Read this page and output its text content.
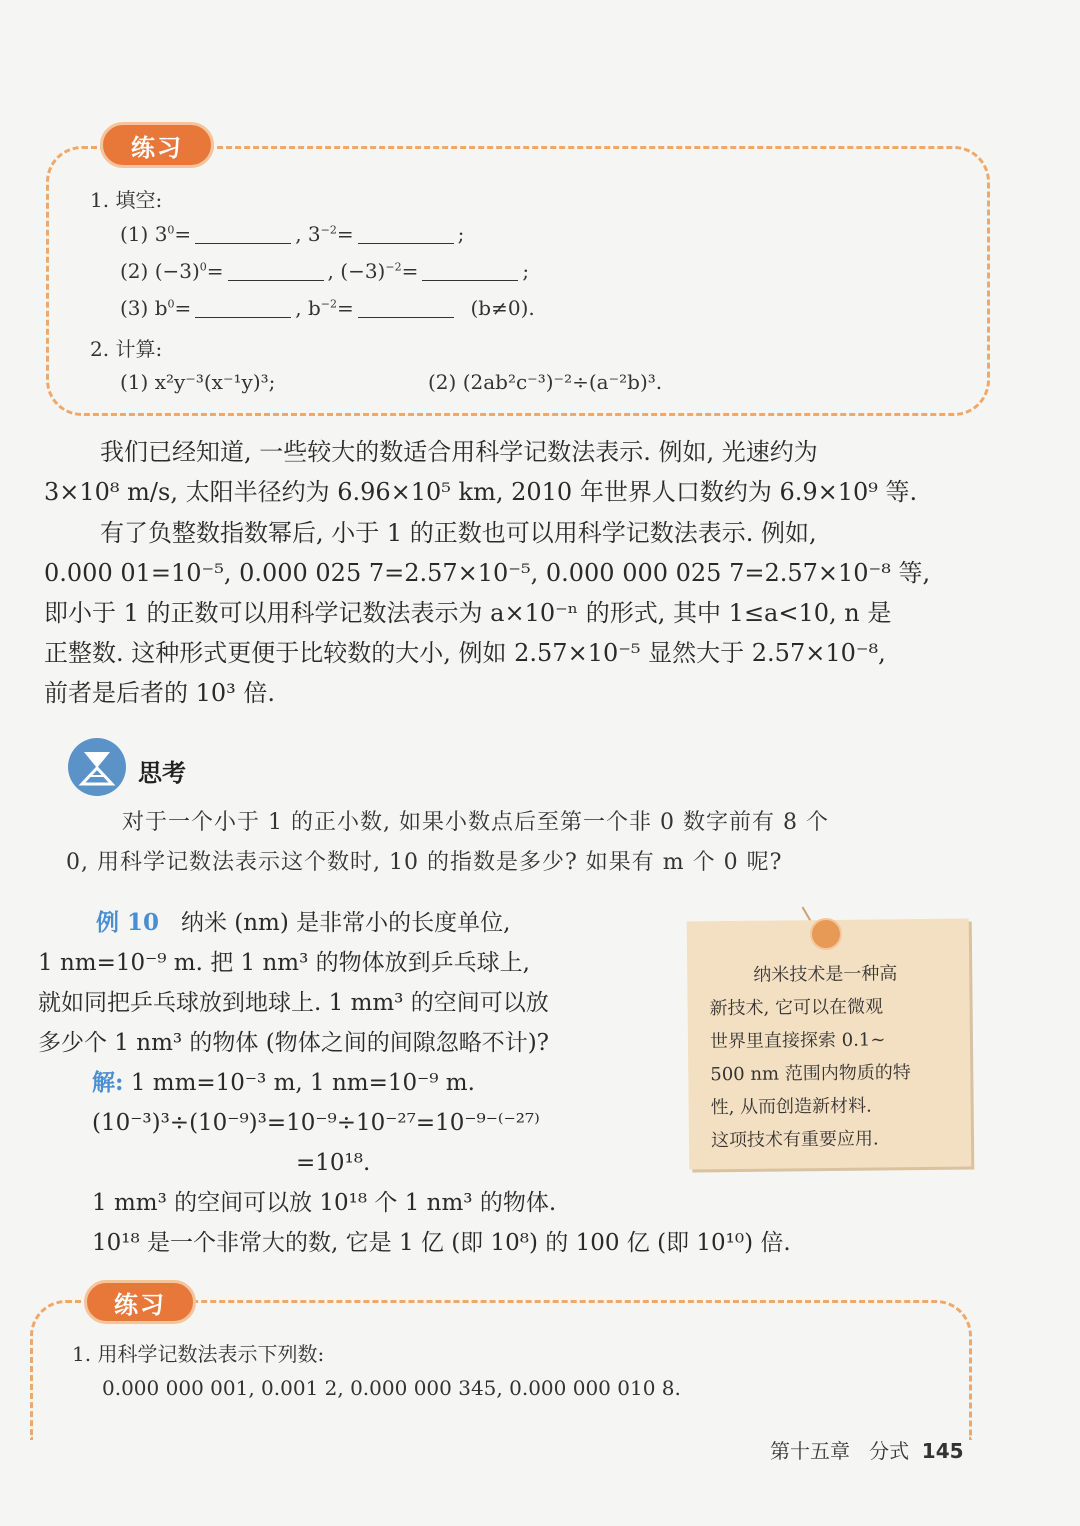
练习
1. 填空:
(1) $3^0=$	, $3^{-2}=$	;
(2) $(-3)^0=$	, $(-3)^{-2}=$	;
(3) $b^0=$	, $b^{-2}=$	(b≠0).
2. 计算:
(1) x²y⁻³(x⁻¹y)³;	(2) (2ab²c⁻³)⁻²÷(a⁻²b)³.
我们已经知道, 一些较大的数适合用科学记数法表示. 例如, 光速约为
3×10⁸ m/s, 太阳半径约为 6.96×10⁵ km, 2010 年世界人口数约为 6.9×10⁹ 等.
有了负整数指数幂后, 小于 1 的正数也可以用科学记数法表示. 例如,
0.000 01=10⁻⁵, 0.000 025 7=2.57×10⁻⁵, 0.000 000 025 7=2.57×10⁻⁸ 等,
即小于 1 的正数可以用科学记数法表示为 a×10⁻ⁿ 的形式, 其中 1≤a<10, n 是
正整数. 这种形式更便于比较数的大小, 例如 2.57×10⁻⁵ 显然大于 2.57×10⁻⁸,
前者是后者的 10³ 倍.
思考
对于一个小于 1 的正小数, 如果小数点后至第一个非 0 数字前有 8 个
0, 用科学记数法表示这个数时, 10 的指数是多少? 如果有 m 个 0 呢?
例 10 纳米 (nm) 是非常小的长度单位,
1 nm=10⁻⁹ m. 把 1 nm³ 的物体放到乒乓球上,
就如同把乒乓球放到地球上. 1 mm³ 的空间可以放
多少个 1 nm³ 的物体 (物体之间的间隙忽略不计)?
解: 1 mm=10⁻³ m, 1 nm=10⁻⁹ m.
(10⁻³)³÷(10⁻⁹)³=10⁻⁹÷10⁻²⁷=10⁻⁹⁻⁽⁻²⁷⁾
=10¹⁸.
1 mm³ 的空间可以放 10¹⁸ 个 1 nm³ 的物体.
10¹⁸ 是一个非常大的数, 它是 1 亿 (即 10⁸) 的 100 亿 (即 10¹⁰) 倍.
纳米技术是一种高
新技术, 它可以在微观
世界里直接探索 0.1~
500 nm 范围内物质的特
性, 从而创造新材料.
这项技术有重要应用.
练习
1. 用科学记数法表示下列数:
0.000 000 001, 0.001 2, 0.000 000 345, 0.000 000 010 8.
第十五章 分式 145
